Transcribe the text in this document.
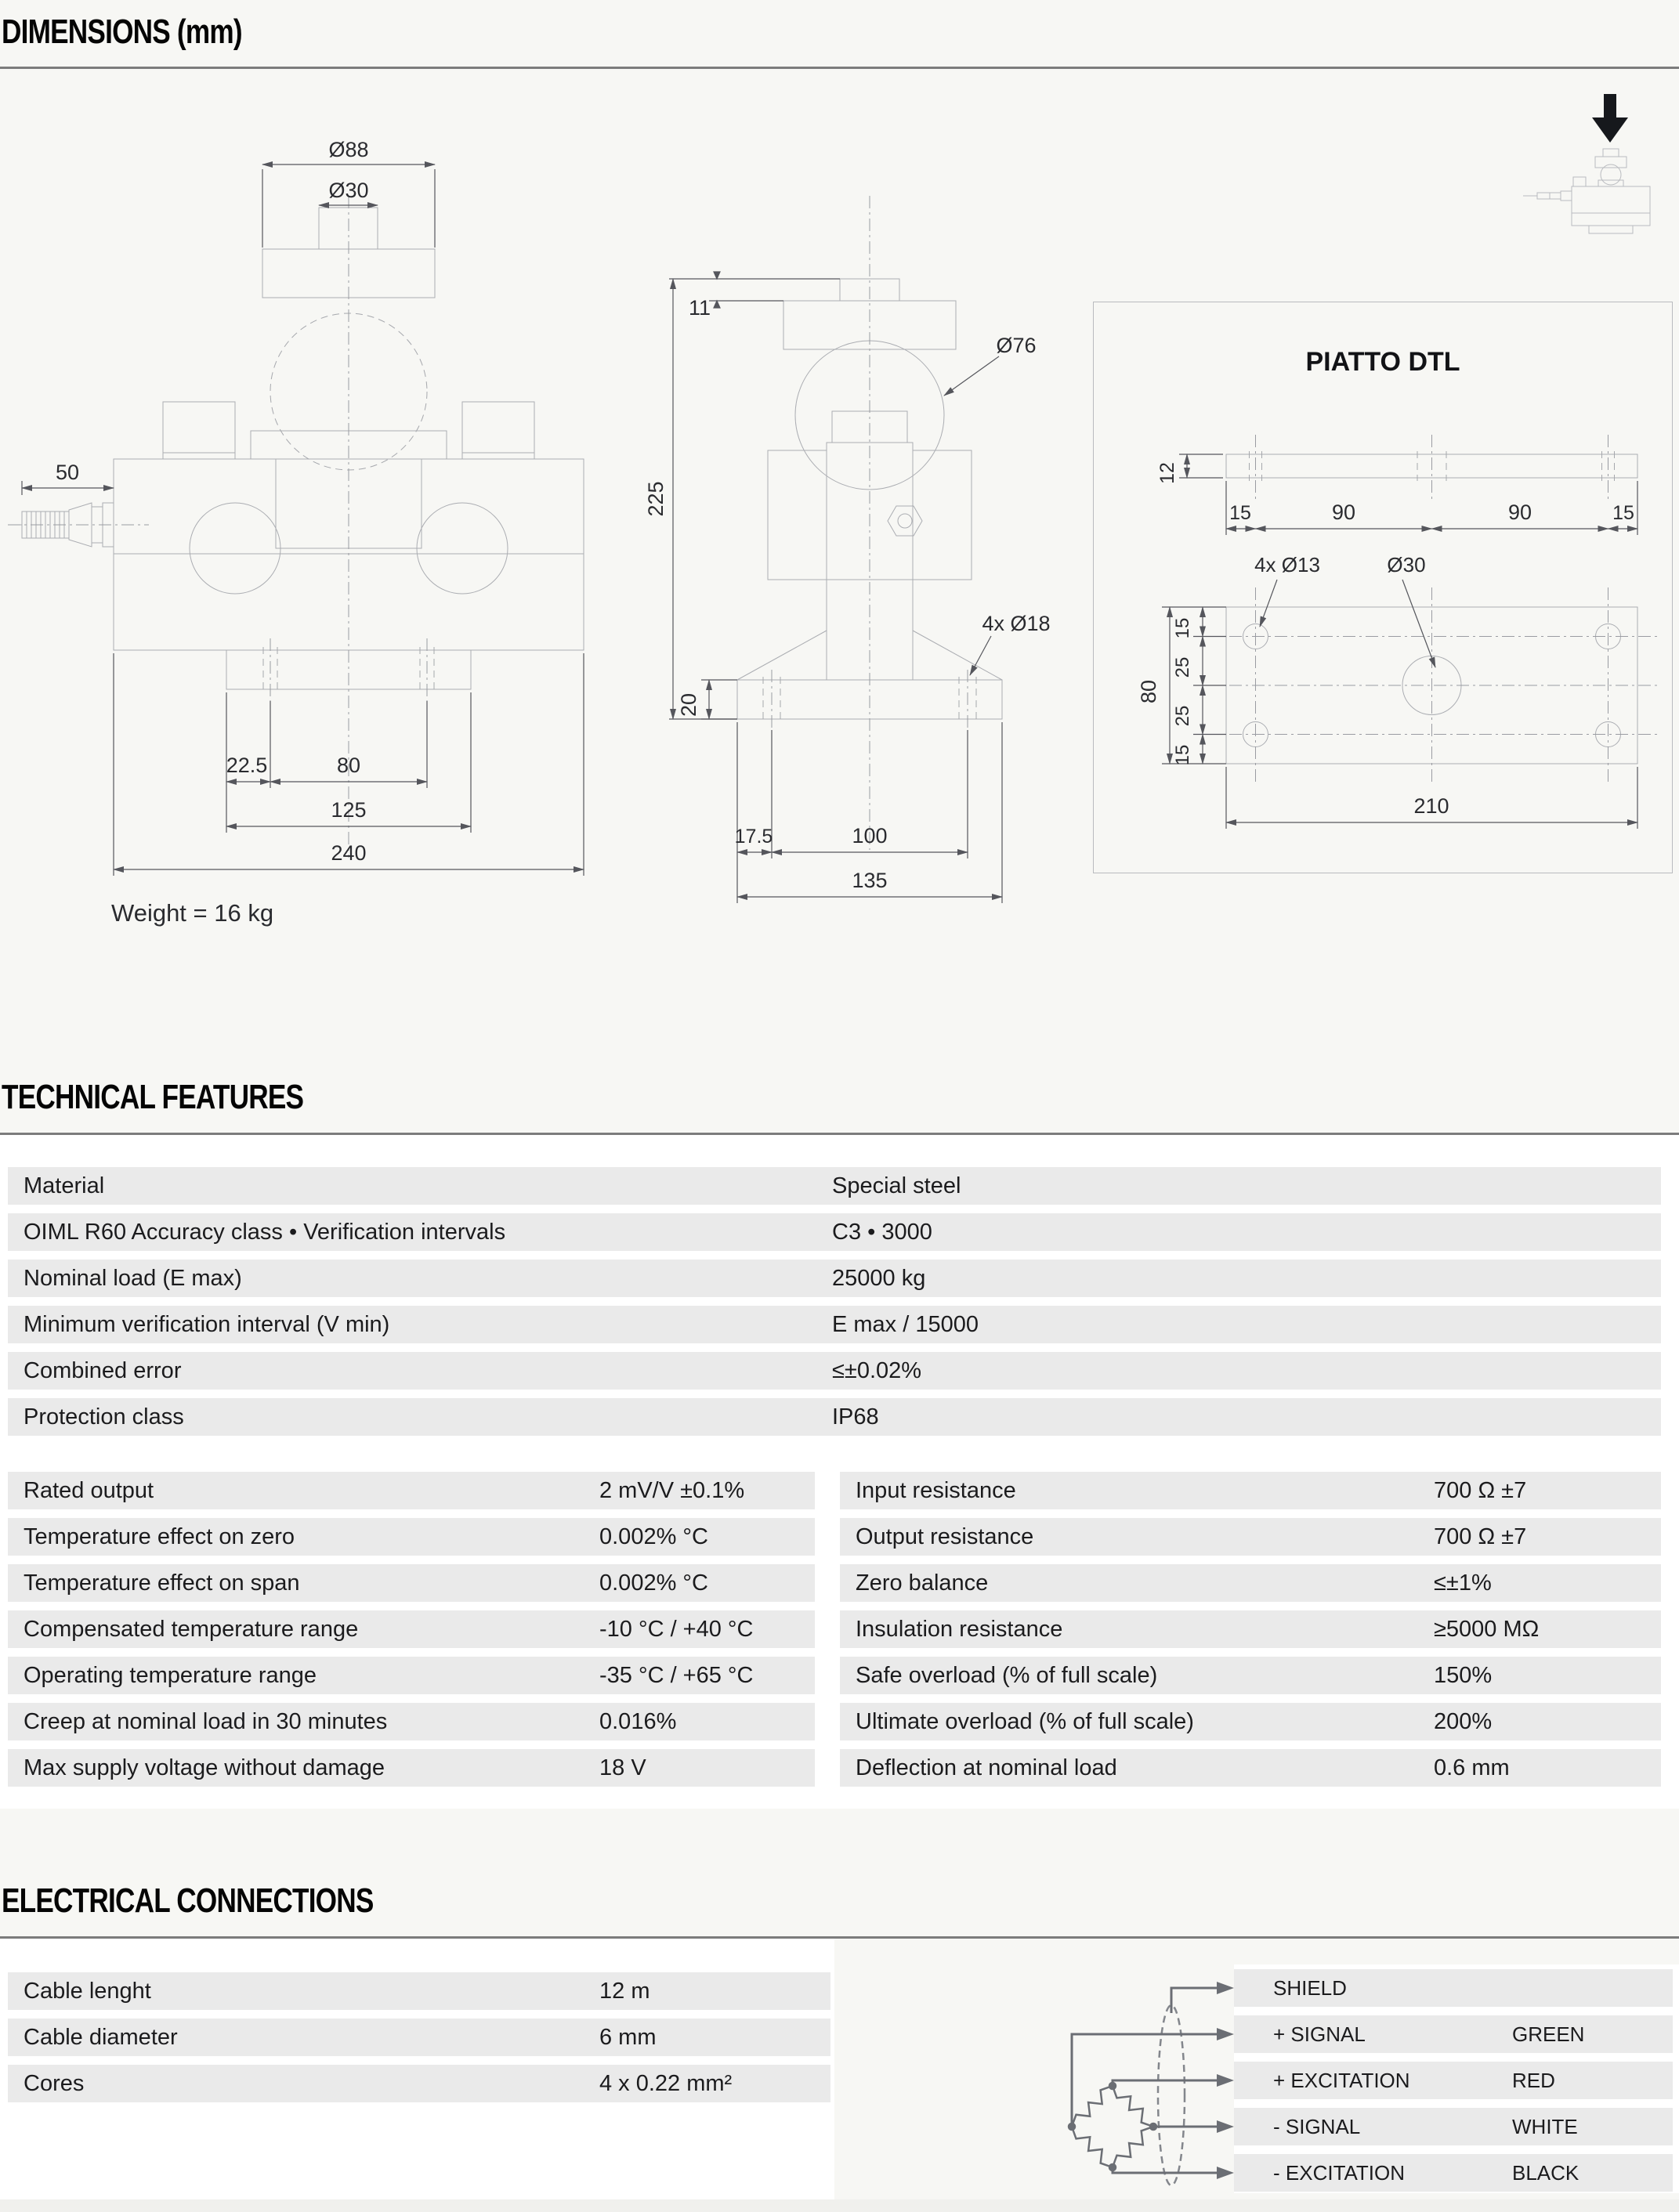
DIMENSIONS (mm)
Ø88
Ø30
50
22.5	80
125
240
Weight = 16 kg
11
225
Ø76
4x Ø18
20
17.5	100
135
PIATTO DTL
12
15	90	90	15
4x Ø13	Ø30
15
25
25
15
80
210
TECHNICAL FEATURES
Material	Special steel
OIML R60 Accuracy class • Verification intervals	C3 • 3000
Nominal load (E max)	25000 kg
Minimum verification interval (V min)	E max / 15000
Combined error	≤±0.02%
Protection class	IP68
Rated output	2 mV/V ±0.1%
Temperature effect on zero	0.002% °C
Temperature effect on span	0.002% °C
Compensated temperature range	-10 °C / +40 °C
Operating temperature range	-35 °C / +65 °C
Creep at nominal load in 30 minutes	0.016%
Max supply voltage without damage	18 V
Input resistance	700 Ω ±7
Output resistance	700 Ω ±7
Zero balance	≤±1%
Insulation resistance	≥5000 MΩ
Safe overload (% of full scale)	150%
Ultimate overload (% of full scale)	200%
Deflection at nominal load	0.6 mm
ELECTRICAL CONNECTIONS
Cable lenght	12 m
Cable diameter	6 mm
Cores	4 x 0.22 mm²
SHIELD
+ SIGNAL	GREEN
+ EXCITATION	RED
- SIGNAL	WHITE
- EXCITATION	BLACK
